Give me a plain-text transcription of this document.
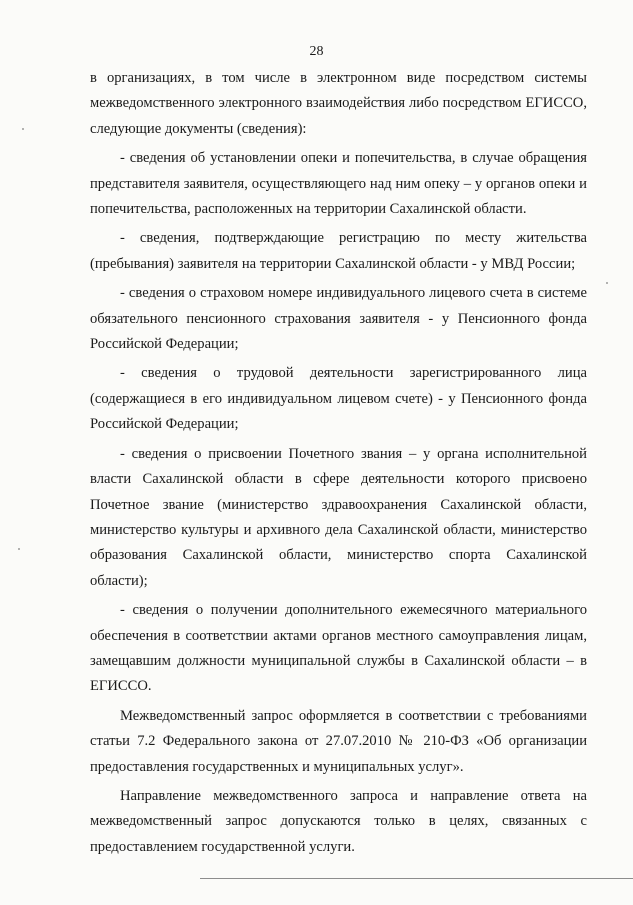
28

в организациях, в том числе в электронном виде посредством системы межведомственного электронного взаимодействия либо посредством ЕГИССО, следующие документы (сведения):

- сведения об установлении опеки и попечительства, в случае обращения представителя заявителя, осуществляющего над ним опеку – у органов опеки и попечительства, расположенных на территории Сахалинской области.

- сведения, подтверждающие регистрацию по месту жительства (пребывания) заявителя на территории Сахалинской области - у МВД России;

- сведения о страховом номере индивидуального лицевого счета в системе обязательного пенсионного страхования заявителя - у Пенсионного фонда Российской Федерации;

- сведения о трудовой деятельности зарегистрированного лица (содержащиеся в его индивидуальном лицевом счете) - у Пенсионного фонда Российской Федерации;

- сведения о присвоении Почетного звания – у органа исполнительной власти Сахалинской области в сфере деятельности которого присвоено Почетное звание (министерство здравоохранения Сахалинской области, министерство культуры и архивного дела Сахалинской области, министерство образования Сахалинской области, министерство спорта Сахалинской области);

- сведения о получении дополнительного ежемесячного материального обеспечения в соответствии актами органов местного самоуправления лицам, замещавшим должности муниципальной службы в Сахалинской области – в ЕГИССО.

Межведомственный запрос оформляется в соответствии с требованиями статьи 7.2 Федерального закона от 27.07.2010 № 210-ФЗ «Об организации предоставления государственных и муниципальных услуг».

Направление межведомственного запроса и направление ответа на межведомственный запрос допускаются только в целях, связанных с предоставлением государственной услуги.
